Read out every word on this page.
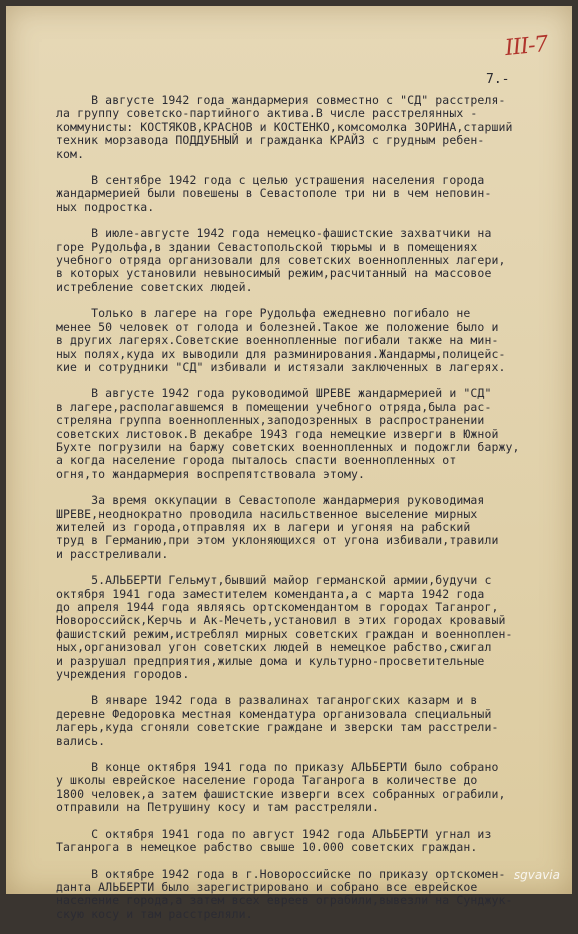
ІІІ-7
7.-

В августе 1942 года жандармерия совместно с "СД" расстреля-
ла группу советско-партийного актива.В числе расстрелянных -
коммунисты: КОСТЯКОВ,КРАСНОВ и КОСТЕНКО,комсомолка ЗОРИНА,старший
техник морзавода ПОДДУБНЫЙ и гражданка КРАЙЗ с грудным ребен-
ком.

В сентябре 1942 года с целью устрашения населения города
жандармерией были повешены в Севастополе три ни в чем неповин-
ных подростка.

В июле-августе 1942 года немецко-фашистские захватчики на
горе Рудольфа,в здании Севастопольской тюрьмы и в помещениях
учебного отряда организовали для советских военнопленных лагери,
в которых установили невыносимый режим,расчитанный на массовое
истребление советских людей.

Только в лагере на горе Рудольфа ежедневно погибало не
менее 50 человек от голода и болезней.Такое же положение было и
в других лагерях.Советские военнопленные погибали также на мин-
ных полях,куда их выводили для разминирования.Жандармы,полицейс-
кие и сотрудники "СД" избивали и истязали заключенных в лагерях.

В августе 1942 года руководимой ШРЕВЕ жандармерией и "СД"
в лагере,располагавшемся в помещении учебного отряда,была рас-
стреляна группа военнопленных,заподозренных в распространении
советских листовок.В декабре 1943 года немецкие изверги в Южной
Бухте погрузили на баржу советских военнопленных и подожгли баржу,
а когда население города пыталось спасти военнопленных от
огня,то жандармерия воспрепятствовала этому.

За время оккупации в Севастополе жандармерия руководимая
ШРЕВЕ,неоднократно проводила насильственное выселение мирных
жителей из города,отправляя их в лагери и угоняя на рабский
труд в Германию,при этом уклоняющихся от угона избивали,травили
и расстреливали.

5.АЛЬБЕРТИ Гельмут,бывший майор германской армии,будучи с
октября 1941 года заместителем коменданта,а с марта 1942 года
до апреля 1944 года являясь ортскомендантом в городах Таганрог,
Новороссийск,Керчь и Ак-Мечеть,установил в этих городах кровавый
фашистский режим,истреблял мирных советских граждан и военноплен-
ных,организовал угон советских людей в немецкое рабство,сжигал
и разрушал предприятия,жилые дома и культурно-просветительные
учреждения городов.

В январе 1942 года в развалинах таганрогских казарм и в
деревне Федоровка местная комендатура организовала специальный
лагерь,куда сгоняли советские граждане и зверски там расстрели-
вались.

В конце октября 1941 года по приказу АЛЬБЕРТИ было собрано
у школы еврейское население города Таганрога в количестве до
1800 человек,а затем фашистские изверги всех собранных ограбили,
отправили на Петрушину косу и там расстреляли.

С октября 1941 года по август 1942 года АЛЬБЕРТИ угнал из
Таганрога в немецкое рабство свыше 10.000 советских граждан.

В октябре 1942 года в г.Новороссийске по приказу ортскомен-
данта АЛЬБЕРТИ было зарегистрировано и собрано все еврейское
население города,а затем всех евреев ограбили,вывезли на Сунджук-
скую косу и там расстреляли.

sgvavia
